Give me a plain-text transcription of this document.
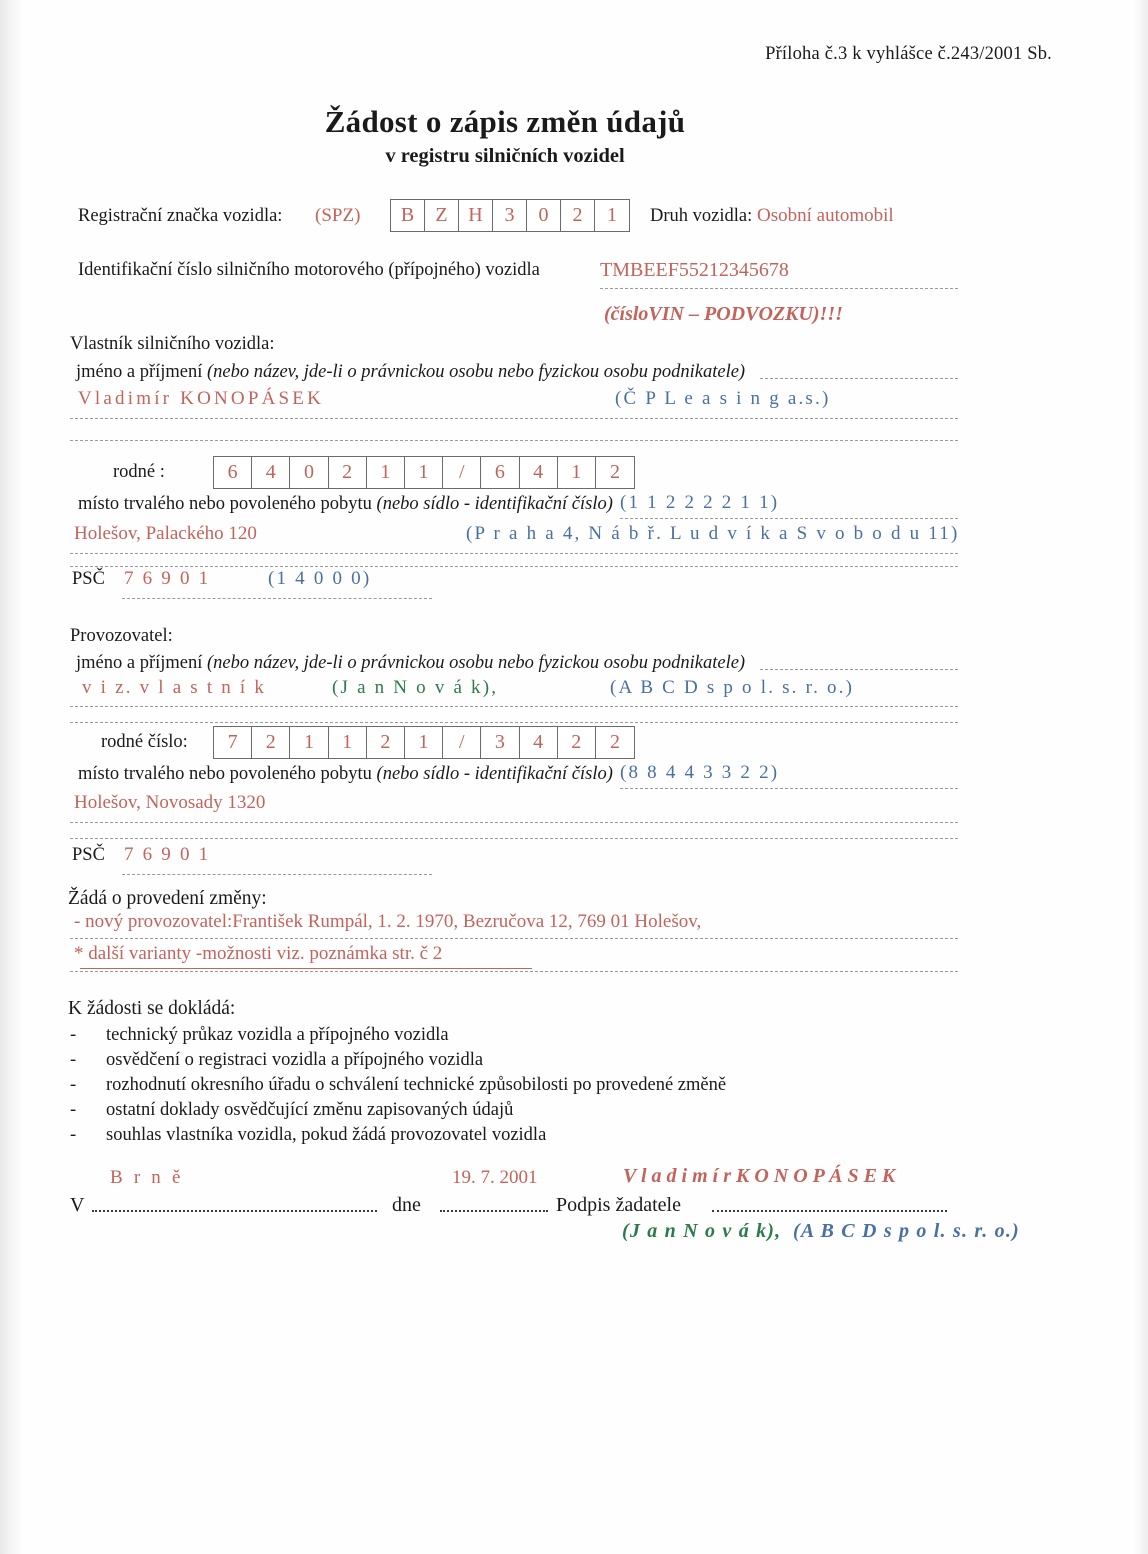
Příloha č.3 k vyhlášce č.243/2001 Sb.
Žádost o zápis změn údajů
v registru silničních vozidel
Registrační značka vozidla: (SPZ)	B	Z	H	3	0	2	1	Druh vozidla: Osobní automobil
Identifikační číslo silničního motorového (přípojného) vozidla	TMBEEF55212345678
(čísloVIN – PODVOZKU)!!!
Vlastník silničního vozidla:
jméno a příjmení (nebo název, jde-li o právnickou osobu nebo fyzickou osobu podnikatele)
Vladimír KONOPÁSEK	(Č P L e a s i n g a.s.)
rodné :	6	4	0	2	1	1	/	6	4	1	2
místo trvalého nebo povoleného pobytu (nebo sídlo - identifikační číslo) (1 1 2 2 2 2 1 1)
Holešov, Palackého 120	(P r a h a 4, N á b ř. L u d v í k a S v o b o d u 11)
PSČ 7 6 9 0 1	(1 4 0 0 0)
Provozovatel:
jméno a příjmení (nebo název, jde-li o právnickou osobu nebo fyzickou osobu podnikatele)
v i z. v l a s t n í k	(J a n N o v á k),	(A B C D s p o l. s. r. o.)
rodné číslo:	7	2	1	1	2	1	/	3	4	2	2
místo trvalého nebo povoleného pobytu (nebo sídlo - identifikační číslo) (8 8 4 4 3 3 2 2)
Holešov, Novosady 1320
PSČ 7 6 9 0 1
Žádá o provedení změny:
- nový provozovatel:František Rumpál, 1. 2. 1970, Bezručova 12, 769 01 Holešov,
* další varianty -možnosti viz. poznámka str. č 2
K žádosti se dokládá:
- technický průkaz vozidla a přípojného vozidla
- osvědčení o registraci vozidla a přípojného vozidla
- rozhodnutí okresního úřadu o schválení technické způsobilosti po provedené změně
- ostatní doklady osvědčující změnu zapisovaných údajů
- souhlas vlastníka vozidla, pokud žádá provozovatel vozidla
B r n ě	19. 7. 2001	V l a d i m í r K O N O P Á S E K
V	dne	Podpis žadatele
(J a n N o v á k), (A B C D s p o l. s. r. o.)
